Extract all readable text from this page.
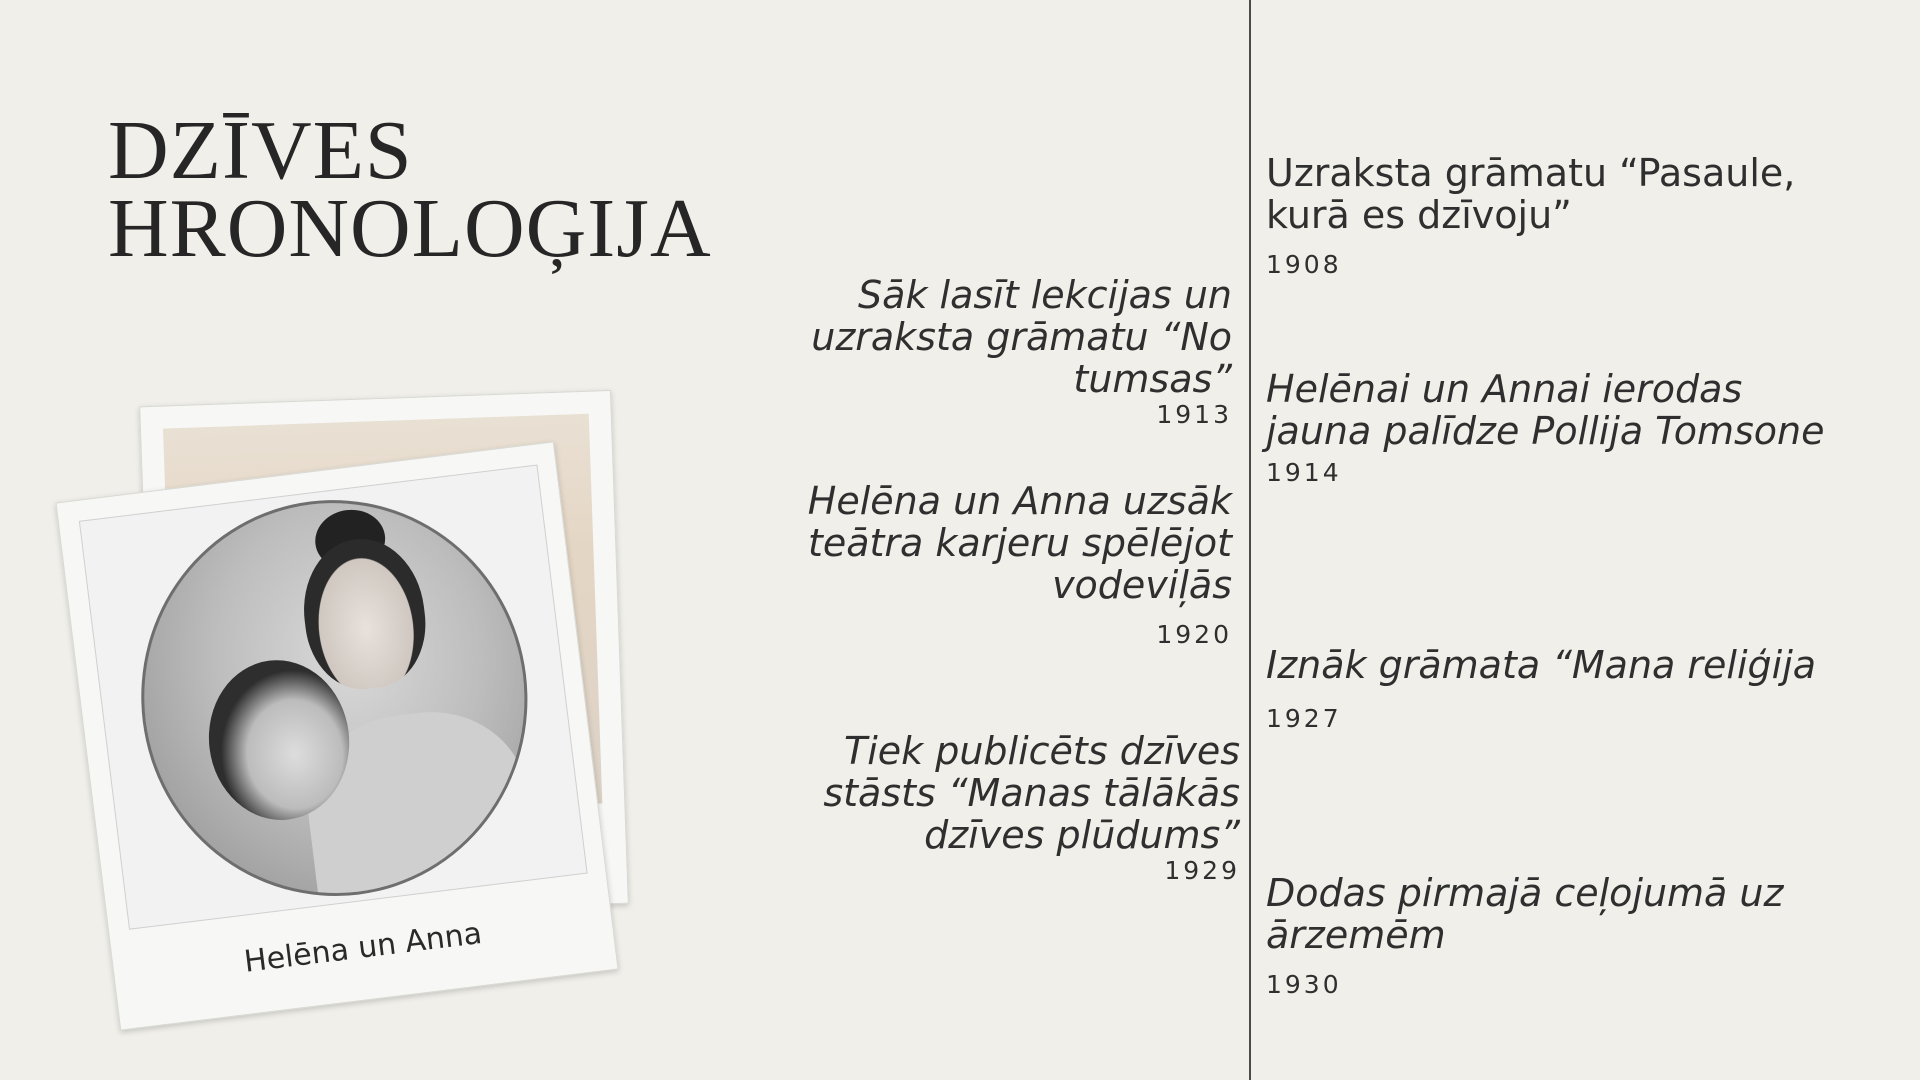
DZĪVES
HRONOLOĢIJA
Helēna un Anna
Sāk lasīt lekcijas un uzraksta grāmatu “No tumsas”
1913
Helēna un Anna uzsāk teātra karjeru spēlējot vodeviļās
1920
Tiek publicēts dzīves stāsts “Manas tālākās dzīves plūdums”
1929
Uzraksta grāmatu “Pasaule, kurā es dzīvoju”
1908
Helēnai un Annai ierodas jauna palīdze Pollija Tomsone
1914
Iznāk grāmata “Mana reliģija
1927
Dodas pirmajā ceļojumā uz ārzemēm
1930
